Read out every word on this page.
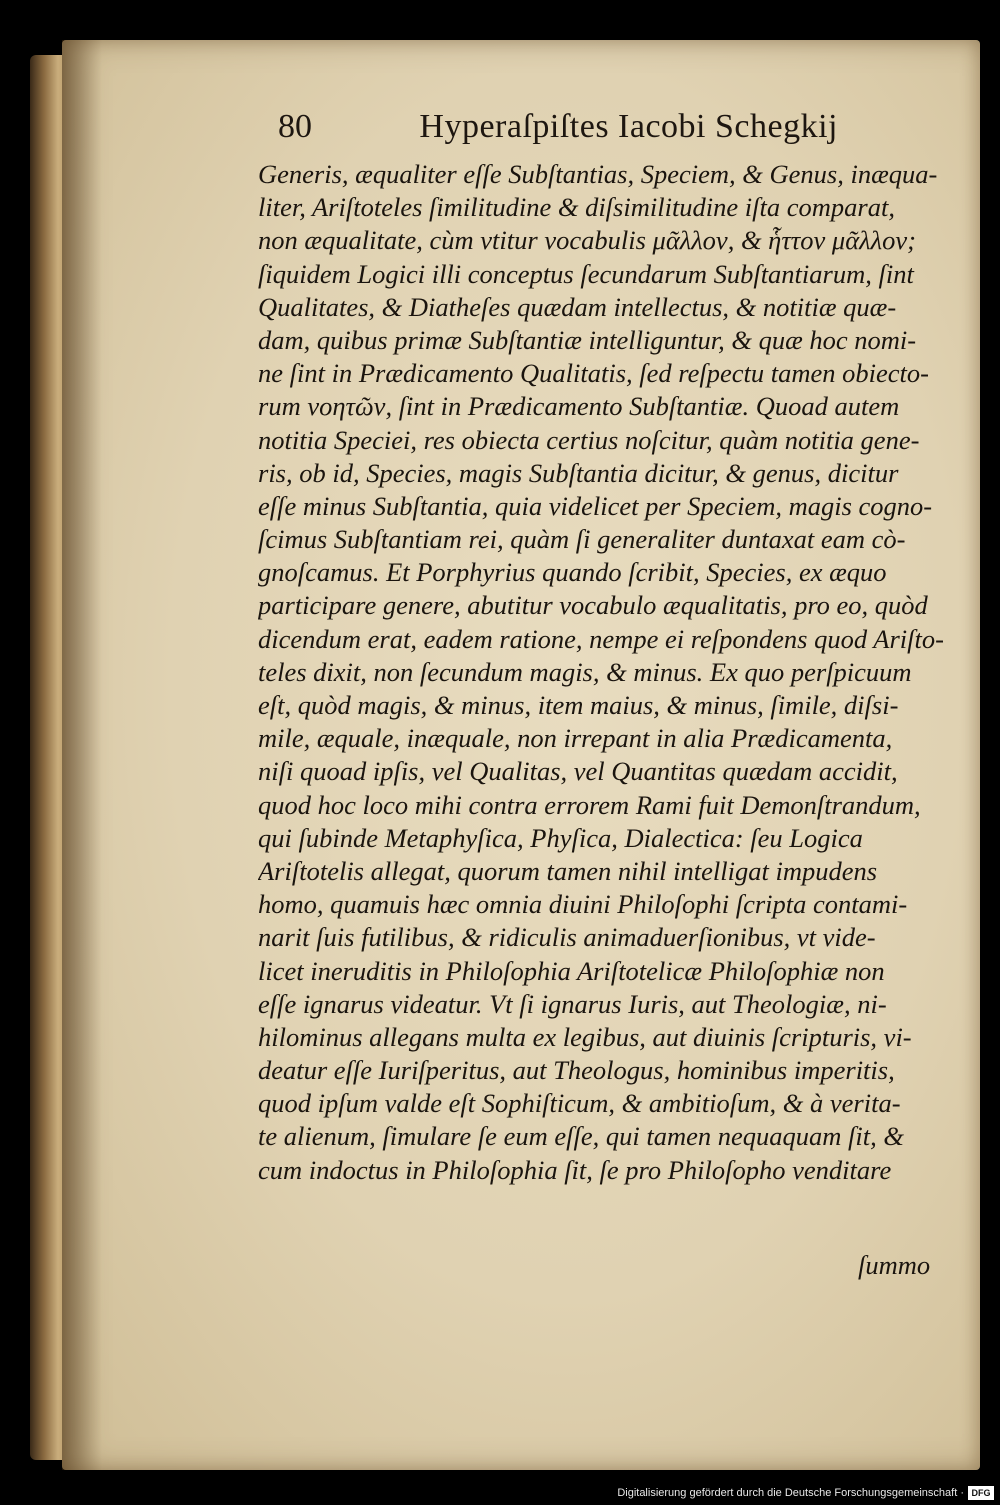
80	Hyperaſpiſtes Iacobi Schegkij
Generis, æqualiter eſſe Subſtantias, Speciem, & Genus, inæqua-
liter, Ariſtoteles ſimilitudine & diſsimilitudine iſta comparat,
non æqualitate, cùm vtitur vocabulis μᾶλλον, & ἧττον μᾶλλον;
ſiquidem Logici illi conceptus ſecundarum Subſtantiarum, ſint
Qualitates, & Diatheſes quædam intellectus, & notitiæ quæ-
dam, quibus primæ Subſtantiæ intelliguntur, & quæ hoc nomi-
ne ſint in Prædicamento Qualitatis, ſed reſpectu tamen obiecto-
rum νοητῶν, ſint in Prædicamento Subſtantiæ. Quoad autem
notitia Speciei, res obiecta certius noſcitur, quàm notitia gene-
ris, ob id, Species, magis Subſtantia dicitur, & genus, dicitur
eſſe minus Subſtantia, quia videlicet per Speciem, magis cogno-
ſcimus Subſtantiam rei, quàm ſi generaliter duntaxat eam cò-
gnoſcamus. Et Porphyrius quando ſcribit, Species, ex æquo
participare genere, abutitur vocabulo æqualitatis, pro eo, quòd
dicendum erat, eadem ratione, nempe ei reſpondens quod Ariſto-
teles dixit, non ſecundum magis, & minus. Ex quo perſpicuum
eſt, quòd magis, & minus, item maius, & minus, ſimile, diſsi-
mile, æquale, inæquale, non irrepant in alia Prædicamenta,
niſi quoad ipſis, vel Qualitas, vel Quantitas quædam accidit,
quod hoc loco mihi contra errorem Rami fuit Demonſtrandum,
qui ſubinde Metaphyſica, Phyſica, Dialectica: ſeu Logica
Ariſtotelis allegat, quorum tamen nihil intelligat impudens
homo, quamuis hæc omnia diuini Philoſophi ſcripta contami-
narit ſuis futilibus, & ridiculis animaduerſionibus, vt vide-
licet ineruditis in Philoſophia Ariſtotelicæ Philoſophiæ non
eſſe ignarus videatur. Vt ſi ignarus Iuris, aut Theologiæ, ni-
hilominus allegans multa ex legibus, aut diuinis ſcripturis, vi-
deatur eſſe Iuriſperitus, aut Theologus, hominibus imperitis,
quod ipſum valde eſt Sophiſticum, & ambitioſum, & à verita-
te alienum, ſimulare ſe eum eſſe, qui tamen nequaquam ſit, &
cum indoctus in Philoſophia ſit, ſe pro Philoſopho venditare
ſummo
Digitalisierung gefördert durch die Deutsche Forschungsgemeinschaft · DFG
